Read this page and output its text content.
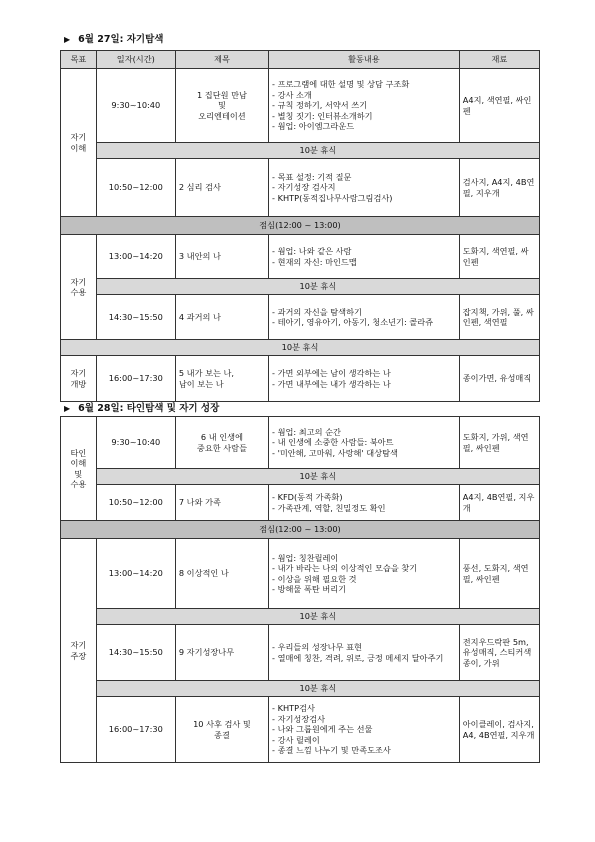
▶ 6월 27일: 자기탐색
목표	일자(시간)	제목	활동내용	재료
자기
이해	9:30~10:40	1 집단원 만남
및
오리엔테이션	- 프로그램에 대한 설명 및 상담 구조화
- 강사 소개
- 규칙 정하기, 서약서 쓰기
- 별칭 짓기: 인터뷰소개하기
- 웜업: 아이엠그라운드	A4지, 색연필, 싸인펜
	10분 휴식			
	10:50~12:00	2 심리 검사	- 목표 설정: 기적 질문
- 자기성장 검사지
- KHTP(동적집나무사람그림검사)	검사지, A4지, 4B연필, 지우개
점심(12:00 ~ 13:00)				
자기
수용	13:00~14:20	3 내안의 나	- 웜업: 나와 같은 사람
- 현재의 자신: 마인드맵	도화지, 색연필, 싸인펜
	10분 휴식			
	14:30~15:50	4 과거의 나	- 과거의 자신을 탐색하기
- 테아기, 영유아기, 아동기, 청소년기: 콜라쥬	잡지책, 가위, 풀, 싸인펜, 색연필
10분 휴식				
자기
개방	16:00~17:30	5 내가 보는 나,
남이 보는 나	- 가면 외부에는 남이 생각하는 나
- 가면 내부에는 내가 생각하는 나	종이가면, 유성매직
▶ 6월 28일: 타인탐색 및 자기 성장
타인
이해
및
수용	9:30~10:40	6 내 인생에
중요한 사람들	- 웜업: 최고의 순간
- 내 인생에 소중한 사람들: 북아트
- '미안해, 고마워, 사랑해' 대상탐색	도화지, 가위, 색연필, 싸인펜
	10분 휴식			
	10:50~12:00	7 나와 가족	- KFD(동적 가족화)
- 가족관계, 역할, 친밀정도 확인	A4지, 4B연필, 지우개
점심(12:00 ~ 13:00)				
자기
주장	13:00~14:20	8 이상적인 나	- 웜업: 칭찬릴레이
- 내가 바라는 나의 이상적인 모습을 찾기
- 이상을 위해 필요한 것
- 방해물 폭탄 버리기	풍선, 도화지, 색연필, 싸인펜
	10분 휴식			
	14:30~15:50	9 자기성장나무	- 우리들의 성장나무 표현
- 열매에 칭찬, 격려, 위로, 긍정 메세지 달아주기	전지우드락판 5m, 유성매직, 스티커색종이, 가위
	10분 휴식			
	16:00~17:30	10 사후 검사 및
종결	- KHTP검사
- 자기성장검사
- 나와 그룹원에게 주는 선물
- 강사 릴레이
- 종결 느낌 나누기 및 만족도조사	아이클레이, 검사지, A4, 4B연필, 지우개
